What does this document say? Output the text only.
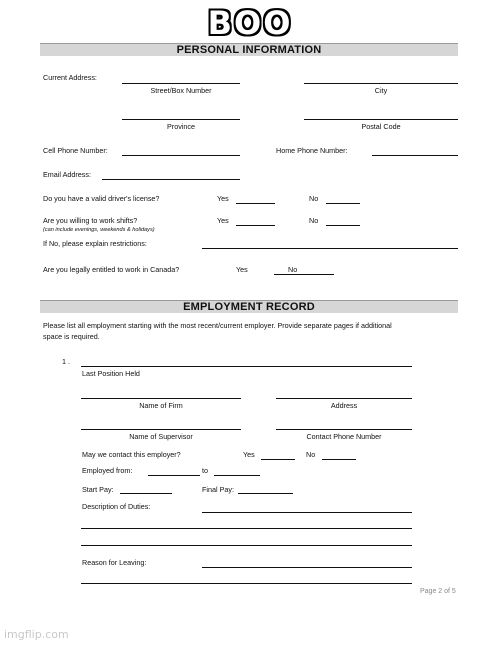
BOO
PERSONAL INFORMATION
Current Address:
Street/Box Number	City
Province	Postal Code
Cell Phone Number:	Home Phone Number:
Email Address:
Do you have a valid driver's license?	Yes	No
Are you willing to work shifts?
(can include evenings, weekends & holidays)
Yes	No
If No, please explain restrictions:
Are you legally entitled to work in Canada?	Yes	No
EMPLOYMENT RECORD
Please list all employment starting with the most recent/current employer. Provide separate pages if additional
space is required.
1 .
Last Position Held
Name of Firm	Address
Name of Supervisor	Contact Phone Number
May we contact this employer?	Yes	No
Employed from:	to
Start Pay:	Final Pay:
Description of Duties:
Reason for Leaving:
Page 2 of 5
imgflip.com
